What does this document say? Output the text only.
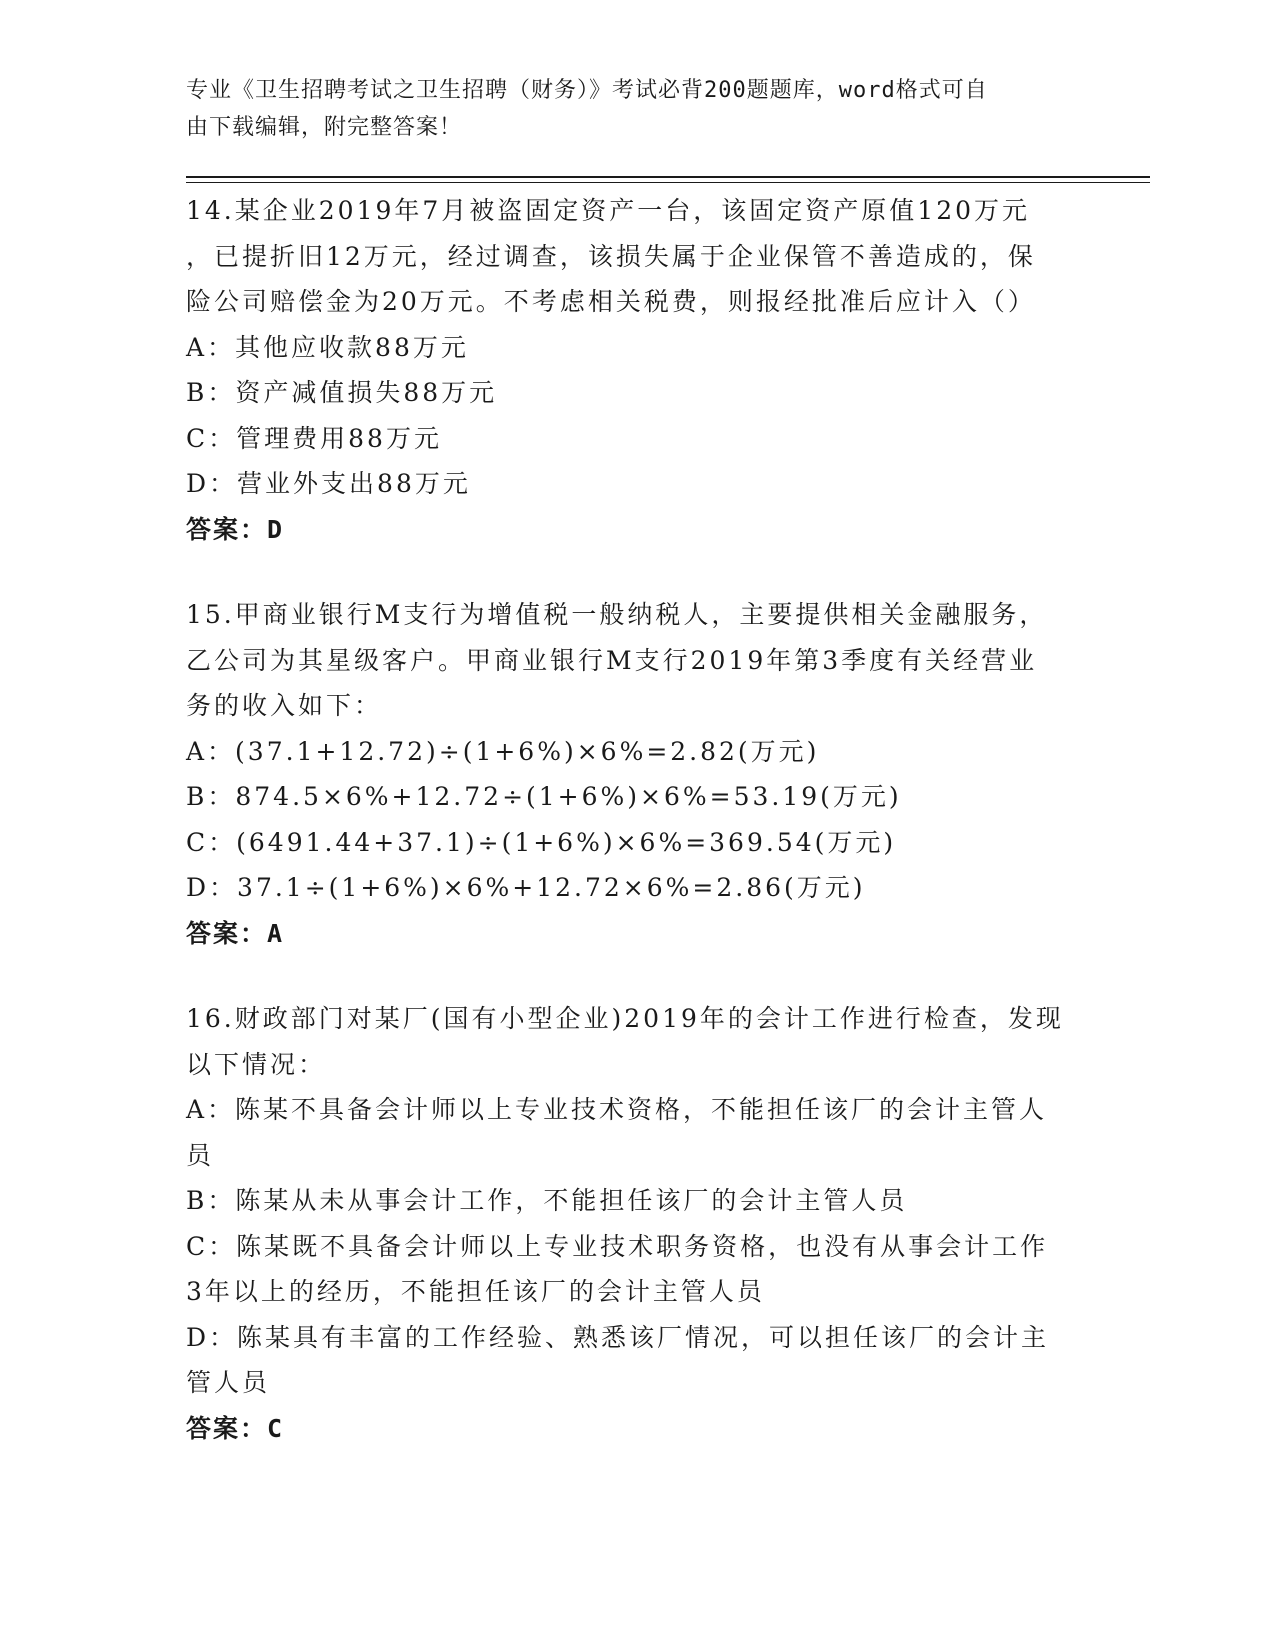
专业《卫生招聘考试之卫生招聘（财务）》考试必背200题题库，word格式可自
由下载编辑，附完整答案！
14.某企业2019年7月被盗固定资产一台，该固定资产原值120万元
，已提折旧12万元，经过调查，该损失属于企业保管不善造成的，保
险公司赔偿金为20万元。不考虑相关税费，则报经批准后应计入（）
A：其他应收款88万元
B：资产减值损失88万元
C：管理费用88万元
D：营业外支出88万元
答案：D
15.甲商业银行M支行为增值税一般纳税人，主要提供相关金融服务，
乙公司为其星级客户。甲商业银行M支行2019年第3季度有关经营业
务的收入如下：
A：(37.1+12.72)÷(1+6%)×6%=2.82(万元)
B：874.5×6%+12.72÷(1+6%)×6%=53.19(万元)
C：(6491.44+37.1)÷(1+6%)×6%=369.54(万元)
D：37.1÷(1+6%)×6%+12.72×6%=2.86(万元)
答案：A
16.财政部门对某厂(国有小型企业)2019年的会计工作进行检查，发现
以下情况：
A：陈某不具备会计师以上专业技术资格，不能担任该厂的会计主管人
员
B：陈某从未从事会计工作，不能担任该厂的会计主管人员
C：陈某既不具备会计师以上专业技术职务资格，也没有从事会计工作
3年以上的经历，不能担任该厂的会计主管人员
D：陈某具有丰富的工作经验、熟悉该厂情况，可以担任该厂的会计主
管人员
答案：C
